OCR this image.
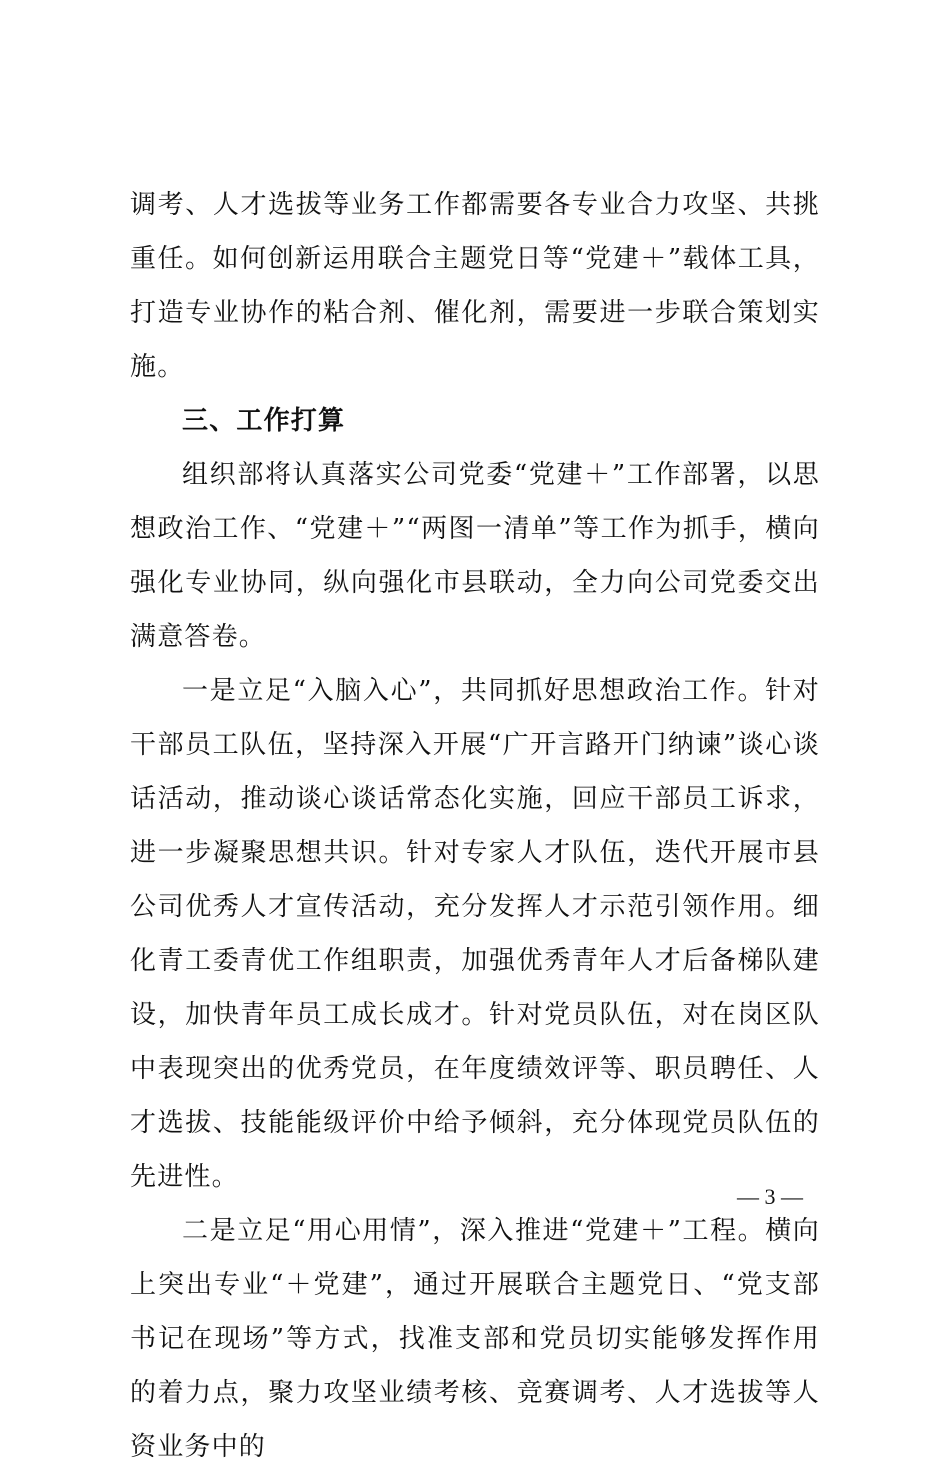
调考、人才选拔等业务工作都需要各专业合力攻坚、共挑重任。如何创新运用联合主题党日等“党建＋”载体工具，打造专业协作的粘合剂、催化剂，需要进一步联合策划实施。

三、工作打算

组织部将认真落实公司党委“党建＋”工作部署，以思想政治工作、“党建＋”“两图一清单”等工作为抓手，横向强化专业协同，纵向强化市县联动，全力向公司党委交出满意答卷。

一是立足“入脑入心”，共同抓好思想政治工作。针对干部员工队伍，坚持深入开展“广开言路开门纳谏”谈心谈话活动，推动谈心谈话常态化实施，回应干部员工诉求，进一步凝聚思想共识。针对专家人才队伍，迭代开展市县公司优秀人才宣传活动，充分发挥人才示范引领作用。细化青工委青优工作组职责，加强优秀青年人才后备梯队建设，加快青年员工成长成才。针对党员队伍，对在岗区队中表现突出的优秀党员，在年度绩效评等、职员聘任、人才选拔、技能能级评价中给予倾斜，充分体现党员队伍的先进性。

二是立足“用心用情”，深入推进“党建＋”工程。横向上突出专业“＋党建”，通过开展联合主题党日、“党支部书记在现场”等方式，找准支部和党员切实能够发挥作用的着力点，聚力攻坚业绩考核、竞赛调考、人才选拔等人资业务中的

— 3 —
